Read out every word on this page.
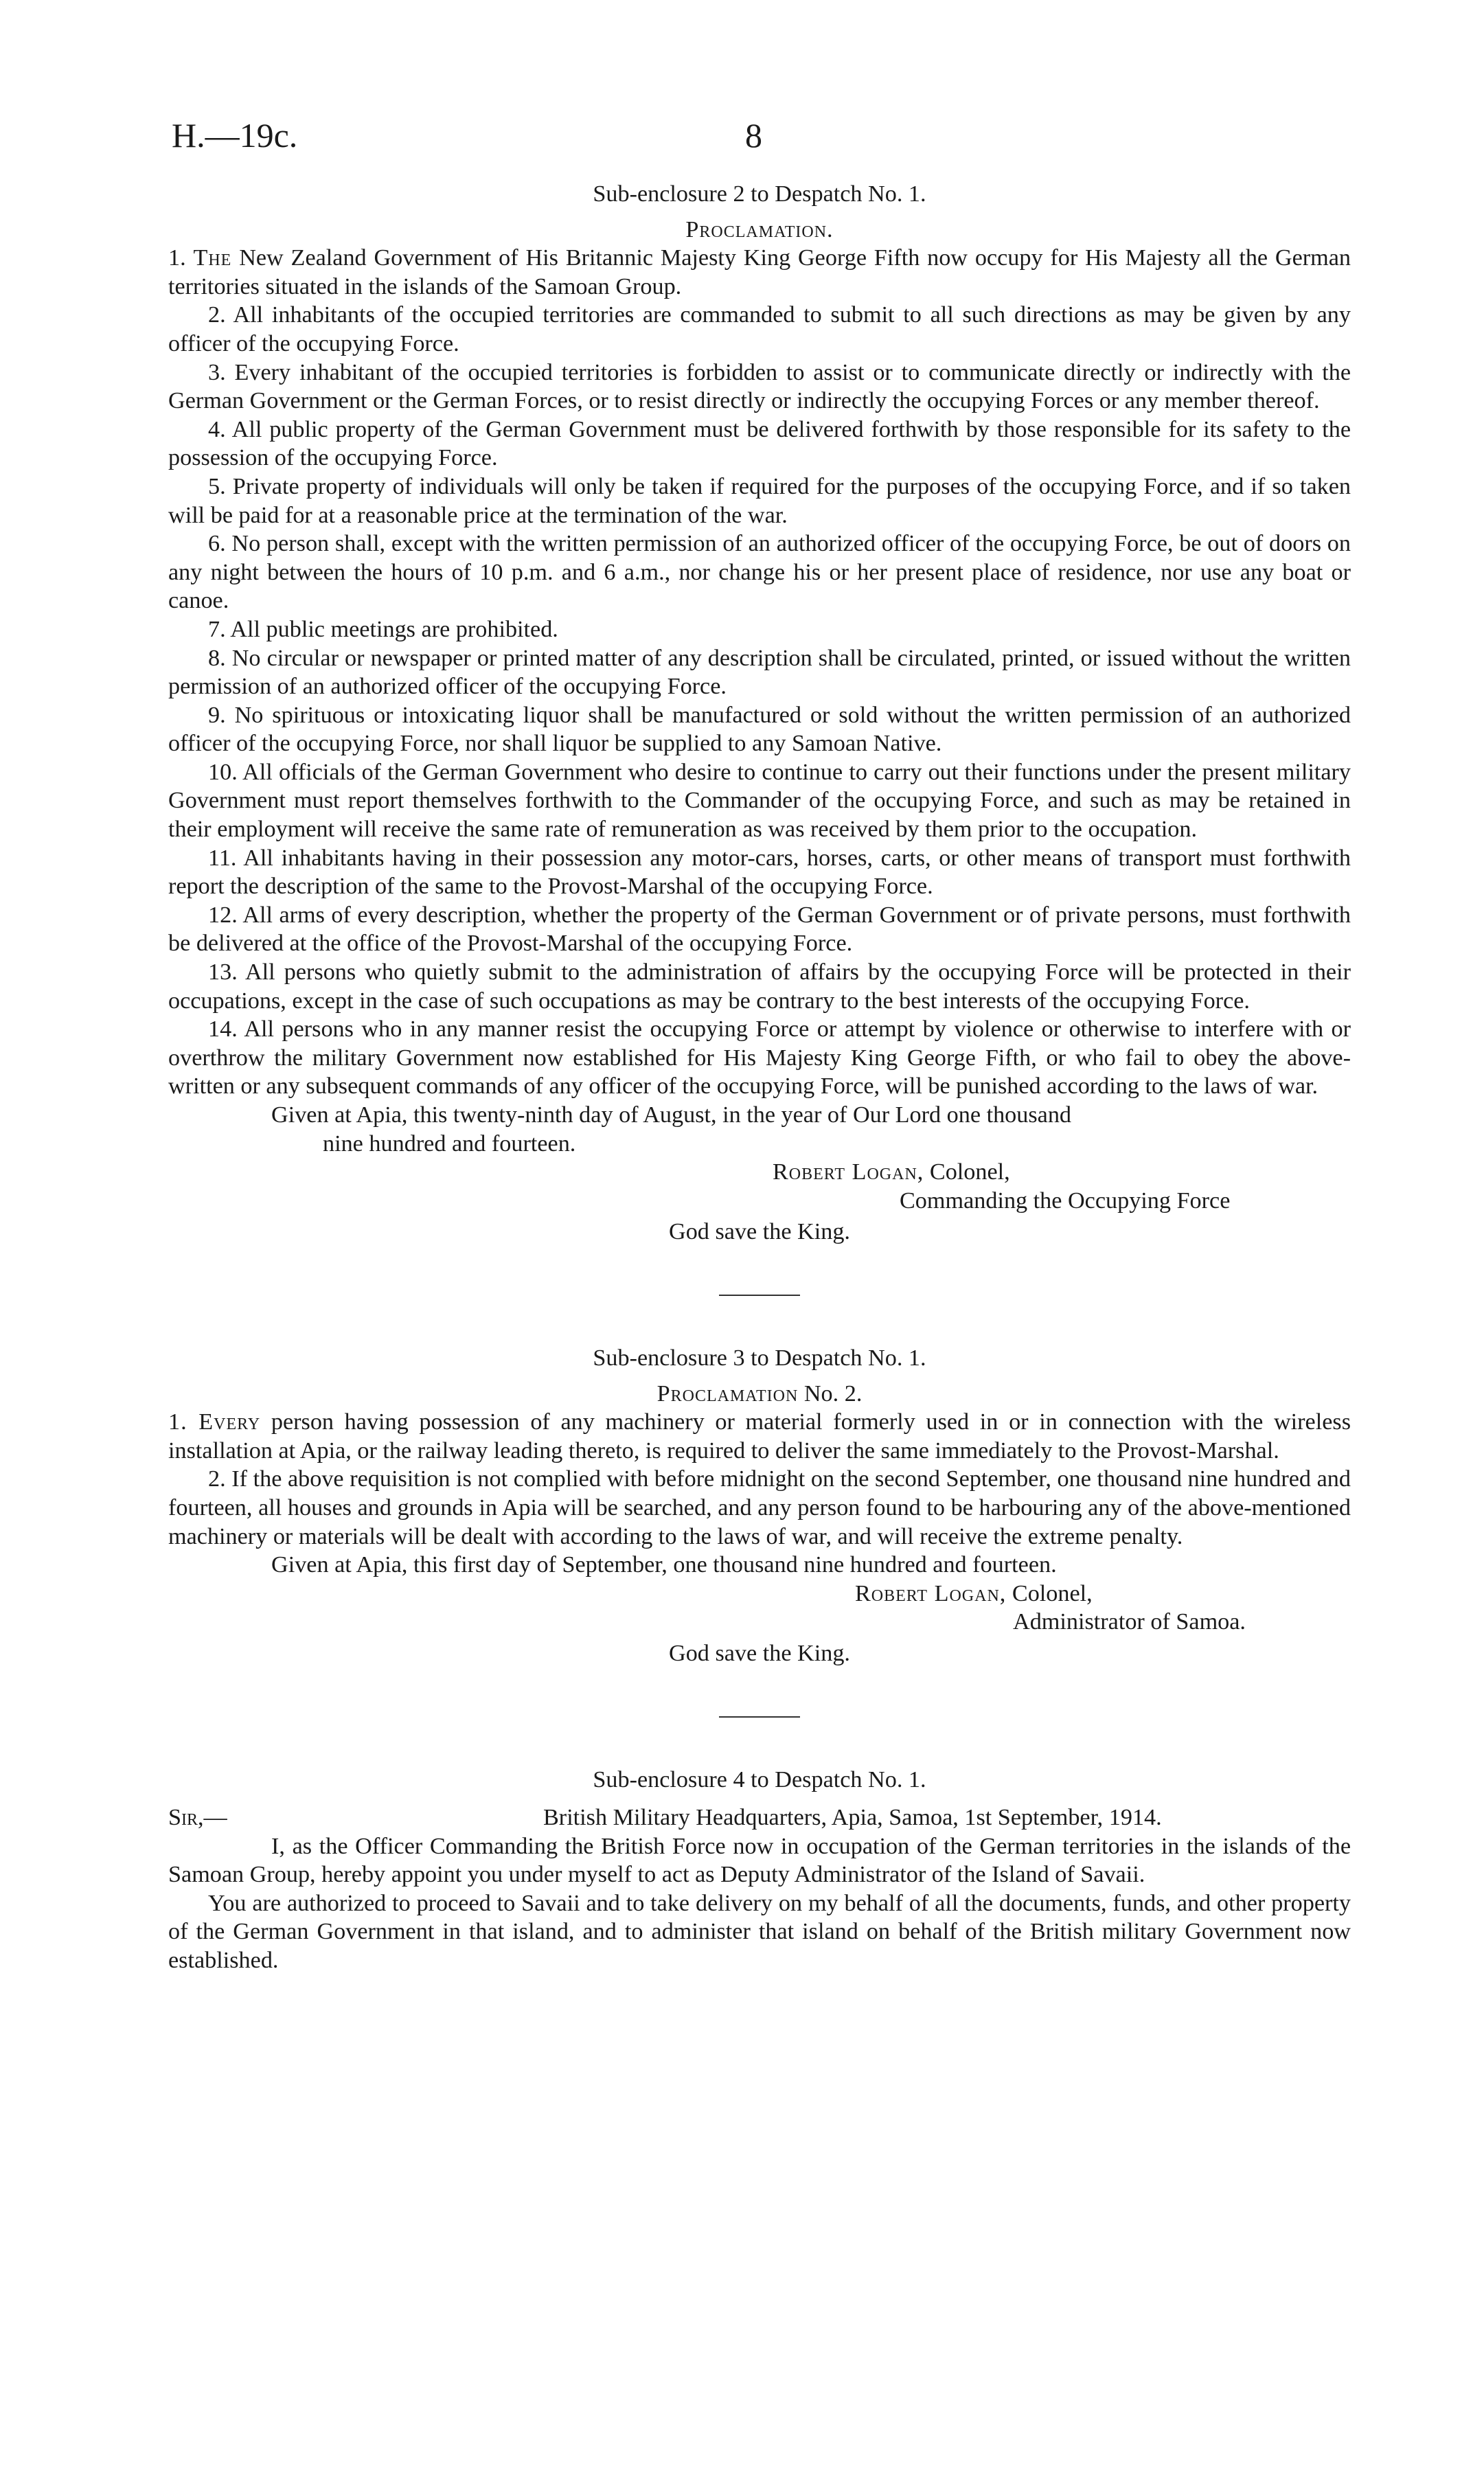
H.—19c.	8
Sub-enclosure 2 to Despatch No. 1.
Proclamation.

1. The New Zealand Government of His Britannic Majesty King George Fifth now occupy for His Majesty all the German territories situated in the islands of the Samoan Group.

2. All inhabitants of the occupied territories are commanded to submit to all such directions as may be given by any officer of the occupying Force.

3. Every inhabitant of the occupied territories is forbidden to assist or to communicate directly or indirectly with the German Government or the German Forces, or to resist directly or indirectly the occupying Forces or any member thereof.

4. All public property of the German Government must be delivered forthwith by those responsible for its safety to the possession of the occupying Force.

5. Private property of individuals will only be taken if required for the purposes of the occupying Force, and if so taken will be paid for at a reasonable price at the termination of the war.

6. No person shall, except with the written permission of an authorized officer of the occupying Force, be out of doors on any night between the hours of 10 p.m. and 6 a.m., nor change his or her present place of residence, nor use any boat or canoe.

7. All public meetings are prohibited.

8. No circular or newspaper or printed matter of any description shall be circulated, printed, or issued without the written permission of an authorized officer of the occupying Force.

9. No spirituous or intoxicating liquor shall be manufactured or sold without the written permission of an authorized officer of the occupying Force, nor shall liquor be supplied to any Samoan Native.

10. All officials of the German Government who desire to continue to carry out their functions under the present military Government must report themselves forthwith to the Commander of the occupying Force, and such as may be retained in their employment will receive the same rate of remuneration as was received by them prior to the occupation.

11. All inhabitants having in their possession any motor-cars, horses, carts, or other means of transport must forthwith report the description of the same to the Provost-Marshal of the occupying Force.

12. All arms of every description, whether the property of the German Government or of private persons, must forthwith be delivered at the office of the Provost-Marshal of the occupying Force.

13. All persons who quietly submit to the administration of affairs by the occupying Force will be protected in their occupations, except in the case of such occupations as may be contrary to the best interests of the occupying Force.

14. All persons who in any manner resist the occupying Force or attempt by violence or otherwise to interfere with or overthrow the military Government now established for His Majesty King George Fifth, or who fail to obey the above-written or any subsequent commands of any officer of the occupying Force, will be punished according to the laws of war.

Given at Apia, this twenty-ninth day of August, in the year of Our Lord one thousand
nine hundred and fourteen.

Robert Logan, Colonel,
Commanding the Occupying Force
God save the King.
Sub-enclosure 3 to Despatch No. 1.
Proclamation No. 2.

1. Every person having possession of any machinery or material formerly used in or in connection with the wireless installation at Apia, or the railway leading thereto, is required to deliver the same immediately to the Provost-Marshal.

2. If the above requisition is not complied with before midnight on the second September, one thousand nine hundred and fourteen, all houses and grounds in Apia will be searched, and any person found to be harbouring any of the above-mentioned machinery or materials will be dealt with according to the laws of war, and will receive the extreme penalty.

Given at Apia, this first day of September, one thousand nine hundred and fourteen.

Robert Logan, Colonel,
Administrator of Samoa.
God save the King.
Sub-enclosure 4 to Despatch No. 1.
Sir,—	British Military Headquarters, Apia, Samoa, 1st September, 1914.

I, as the Officer Commanding the British Force now in occupation of the German territories in the islands of the Samoan Group, hereby appoint you under myself to act as Deputy Administrator of the Island of Savaii.

You are authorized to proceed to Savaii and to take delivery on my behalf of all the documents, funds, and other property of the German Government in that island, and to administer that island on behalf of the British military Government now established.
